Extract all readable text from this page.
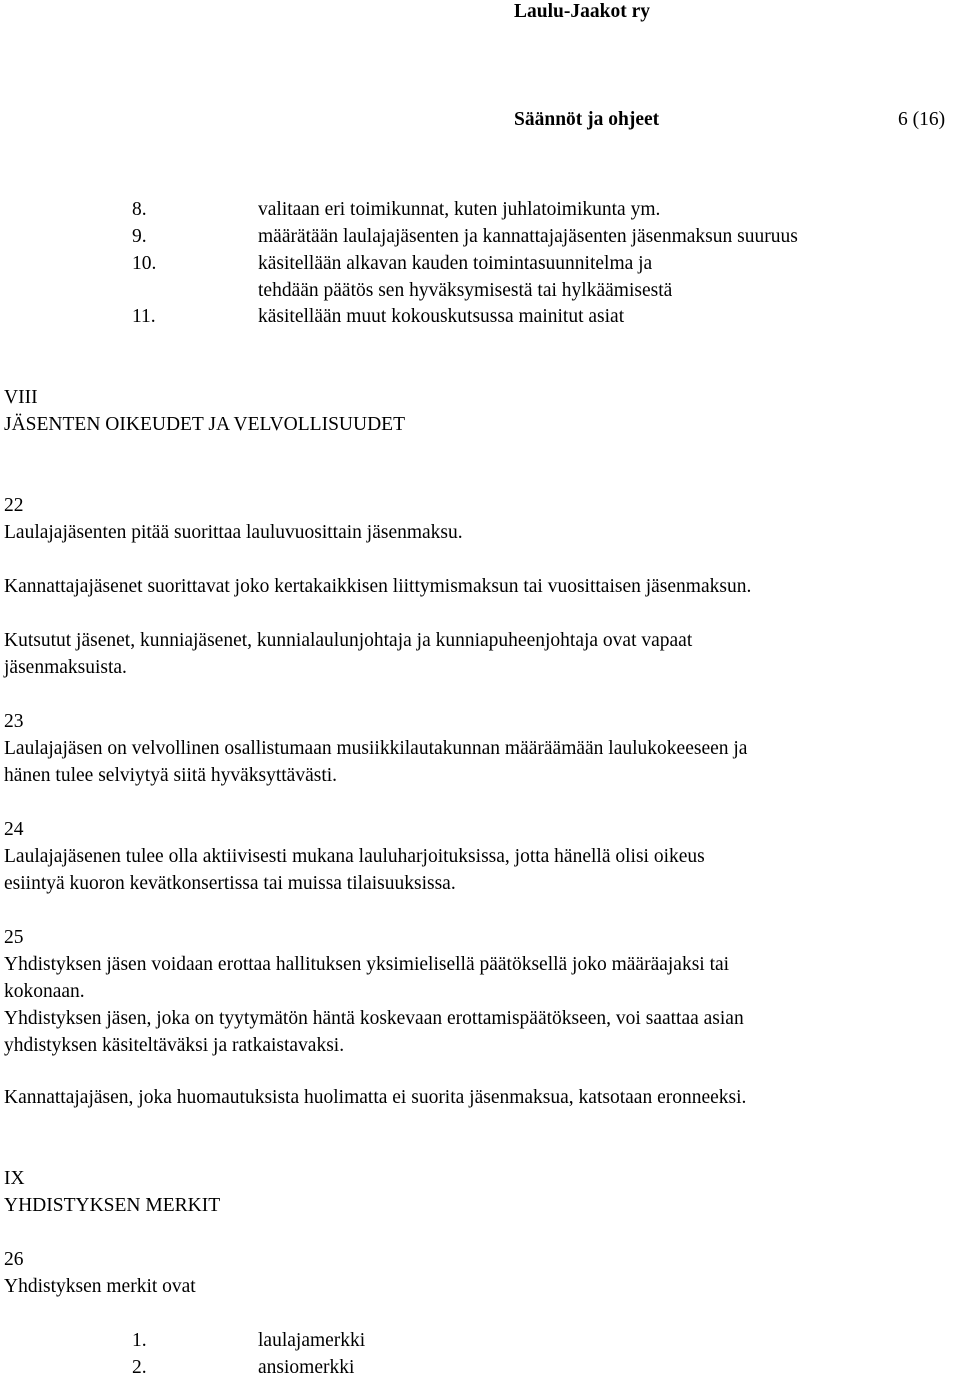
Laulu-Jaakot ry
Säännöt ja ohjeet	6 (16)
8.	valitaan eri toimikunnat, kuten juhlatoimikunta ym.
9.	määrätään laulajajäsenten ja kannattajajäsenten jäsenmaksun suuruus
10.	käsitellään alkavan kauden toimintasuunnitelma ja
tehdään päätös sen hyväksymisestä tai hylkäämisestä
11.	käsitellään muut kokouskutsussa mainitut asiat
VIII
JÄSENTEN OIKEUDET JA VELVOLLISUUDET
22
Laulajajäsenten pitää suorittaa lauluvuosittain jäsenmaksu.
Kannattajajäsenet suorittavat joko kertakaikkisen liittymismaksun tai vuosittaisen jäsenmaksun.
Kutsutut jäsenet, kunniajäsenet, kunnialaulunjohtaja ja kunniapuheenjohtaja ovat vapaat
jäsenmaksuista.
23
Laulajajäsen on velvollinen osallistumaan musiikkilautakunnan määräämään laulukokeeseen ja
hänen tulee selviytyä siitä hyväksyttävästi.
24
Laulajajäsenen tulee olla aktiivisesti mukana lauluharjoituksissa, jotta hänellä olisi oikeus
esiintyä kuoron kevätkonsertissa tai muissa tilaisuuksissa.
25
Yhdistyksen jäsen voidaan erottaa hallituksen yksimielisellä päätöksellä joko määräajaksi tai
kokonaan.
Yhdistyksen jäsen, joka on tyytymätön häntä koskevaan erottamispäätökseen, voi saattaa asian
yhdistyksen käsiteltäväksi ja ratkaistavaksi.
Kannattajajäsen, joka huomautuksista huolimatta ei suorita jäsenmaksua, katsotaan eronneeksi.
IX
YHDISTYKSEN MERKIT
26
Yhdistyksen merkit ovat
1.	laulajamerkki
2.	ansiomerkki
